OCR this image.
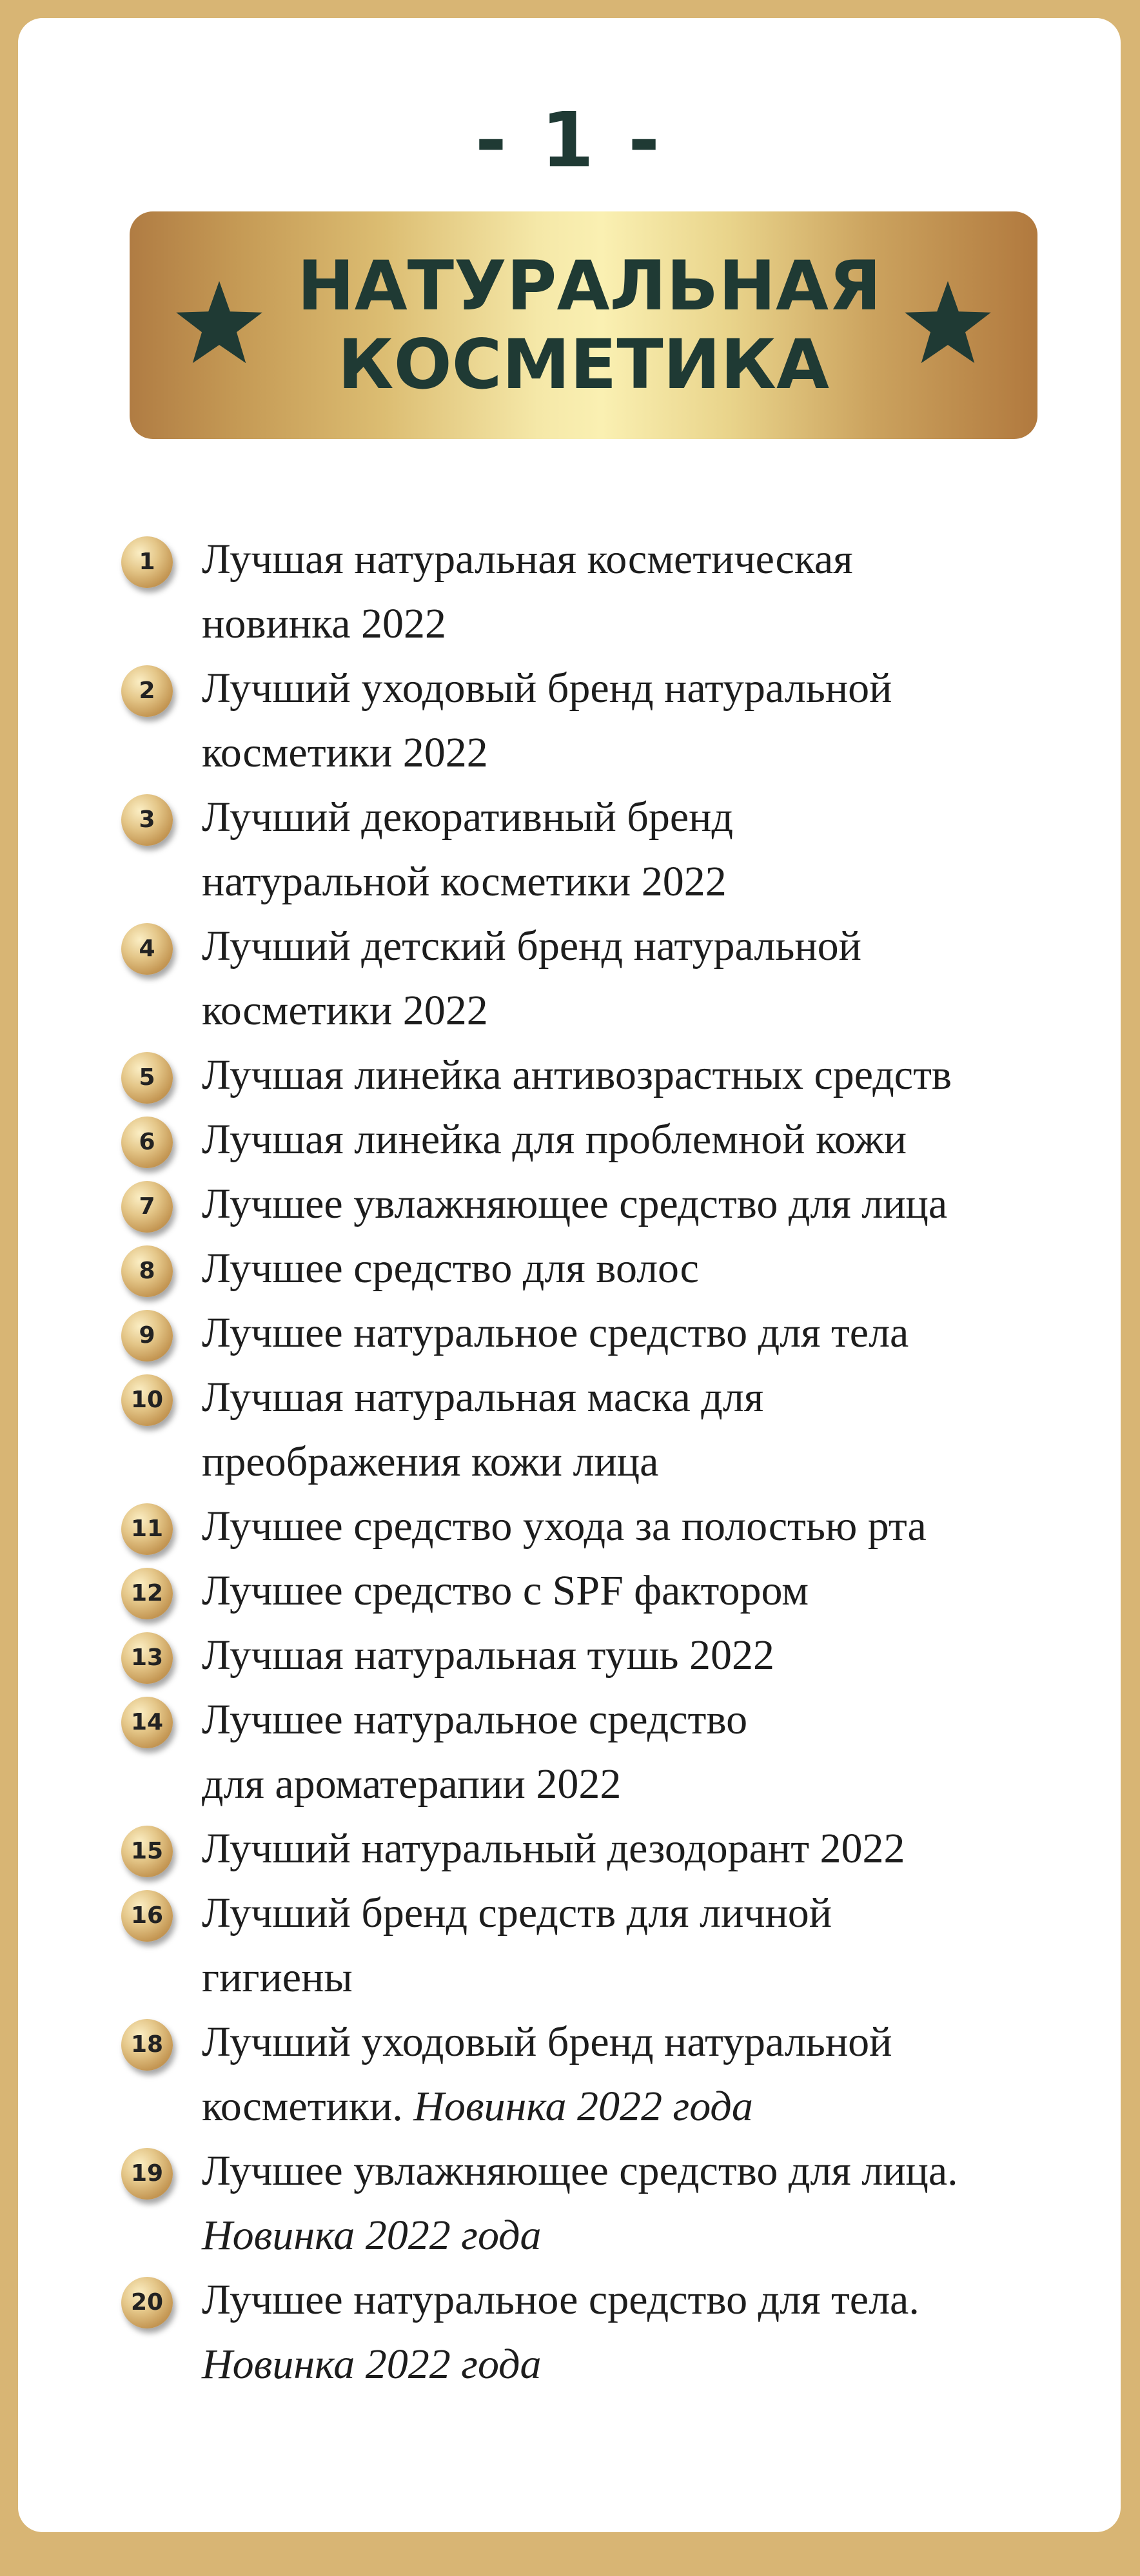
- 1 -
НАТУРАЛЬНАЯ
КОСМЕТИКА
1	Лучшая натуральная косметическая
новинка 2022
2	Лучший уходовый бренд натуральной
косметики 2022
3	Лучший декоративный бренд
натуральной косметики 2022
4	Лучший детский бренд натуральной
косметики 2022
5	Лучшая линейка антивозрастных средств
6	Лучшая линейка для проблемной кожи
7	Лучшее увлажняющее средство для лица
8	Лучшее средство для волос
9	Лучшее натуральное средство для тела
10 Лучшая натуральная маска для
преображения кожи лица
11 Лучшее средство ухода за полостью рта
12 Лучшее средство с SPF фактором
13 Лучшая натуральная тушь 2022
14 Лучшее натуральное средство
для ароматерапии 2022
15 Лучший натуральный дезодорант 2022
16 Лучший бренд средств для личной
гигиены
18 Лучший уходовый бренд натуральной
косметики. Новинка 2022 года
19 Лучшее увлажняющее средство для лица.
Новинка 2022 года
20 Лучшее натуральное средство для тела.
Новинка 2022 года
